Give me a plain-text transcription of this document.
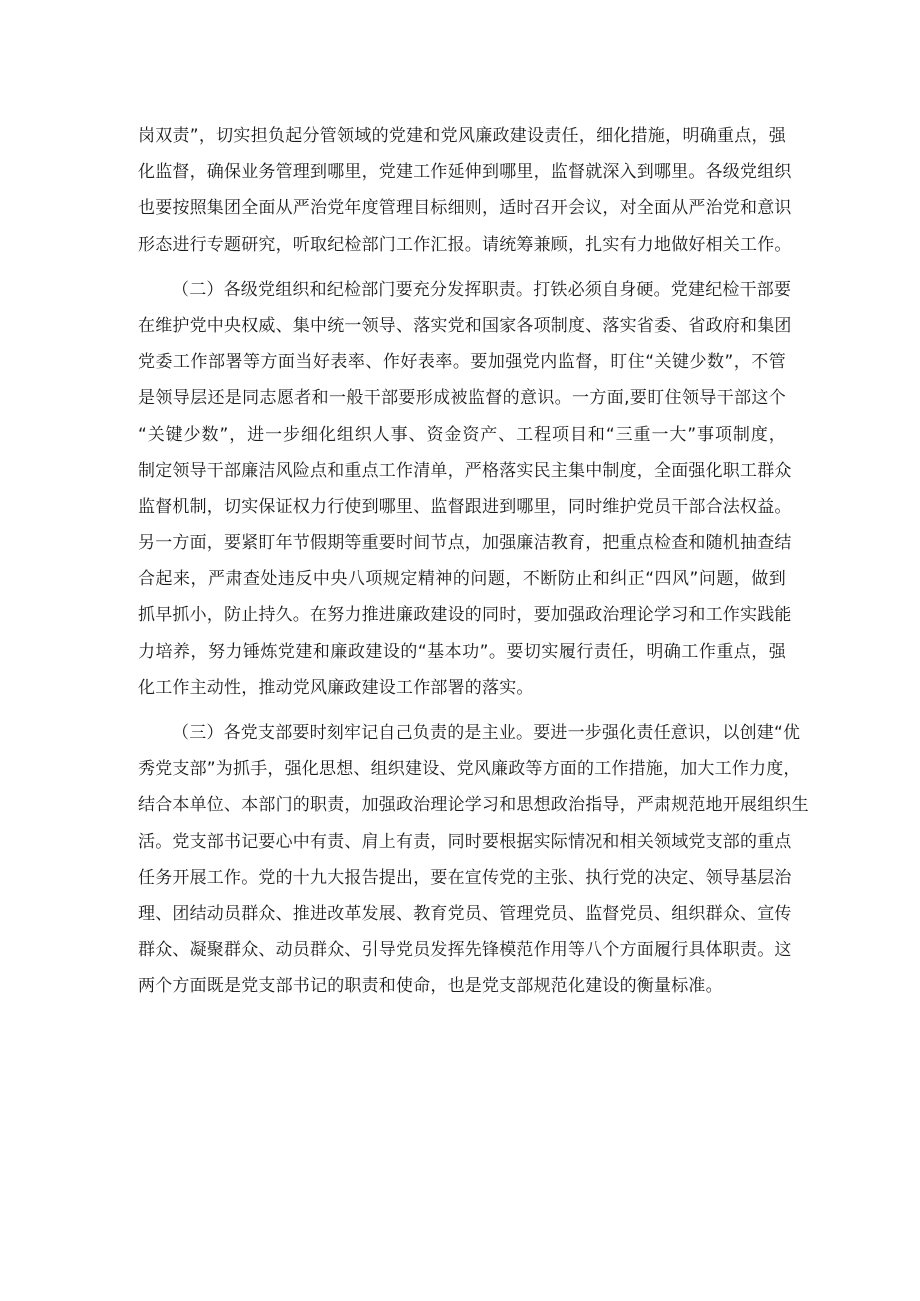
岗双责”，切实担负起分管领域的党建和党风廉政建设责任，细化措施，明确重点，强
化监督，确保业务管理到哪里，党建工作延伸到哪里，监督就深入到哪里。各级党组织
也要按照集团全面从严治党年度管理目标细则，适时召开会议，对全面从严治党和意识
形态进行专题研究，听取纪检部门工作汇报。请统筹兼顾，扎实有力地做好相关工作。
（二）各级党组织和纪检部门要充分发挥职责。打铁必须自身硬。党建纪检干部要
在维护党中央权威、集中统一领导、落实党和国家各项制度、落实省委、省政府和集团
党委工作部署等方面当好表率、作好表率。要加强党内监督，盯住“关键少数”，不管
是领导层还是同志愿者和一般干部要形成被监督的意识。一方面,要盯住领导干部这个
“关键少数”，进一步细化组织人事、资金资产、工程项目和“三重一大”事项制度，
制定领导干部廉洁风险点和重点工作清单，严格落实民主集中制度，全面强化职工群众
监督机制，切实保证权力行使到哪里、监督跟进到哪里，同时维护党员干部合法权益。
另一方面，要紧盯年节假期等重要时间节点，加强廉洁教育，把重点检查和随机抽查结
合起来，严肃查处违反中央八项规定精神的问题，不断防止和纠正“四风”问题，做到
抓早抓小，防止持久。在努力推进廉政建设的同时，要加强政治理论学习和工作实践能
力培养，努力锤炼党建和廉政建设的“基本功”。要切实履行责任，明确工作重点，强
化工作主动性，推动党风廉政建设工作部署的落实。
（三）各党支部要时刻牢记自己负责的是主业。要进一步强化责任意识，以创建“优
秀党支部”为抓手，强化思想、组织建设、党风廉政等方面的工作措施，加大工作力度，
结合本单位、本部门的职责，加强政治理论学习和思想政治指导，严肃规范地开展组织生
活。党支部书记要心中有责、肩上有责，同时要根据实际情况和相关领域党支部的重点
任务开展工作。党的十九大报告提出，要在宣传党的主张、执行党的决定、领导基层治
理、团结动员群众、推进改革发展、教育党员、管理党员、监督党员、组织群众、宣传
群众、凝聚群众、动员群众、引导党员发挥先锋模范作用等八个方面履行具体职责。这
两个方面既是党支部书记的职责和使命，也是党支部规范化建设的衡量标准。
